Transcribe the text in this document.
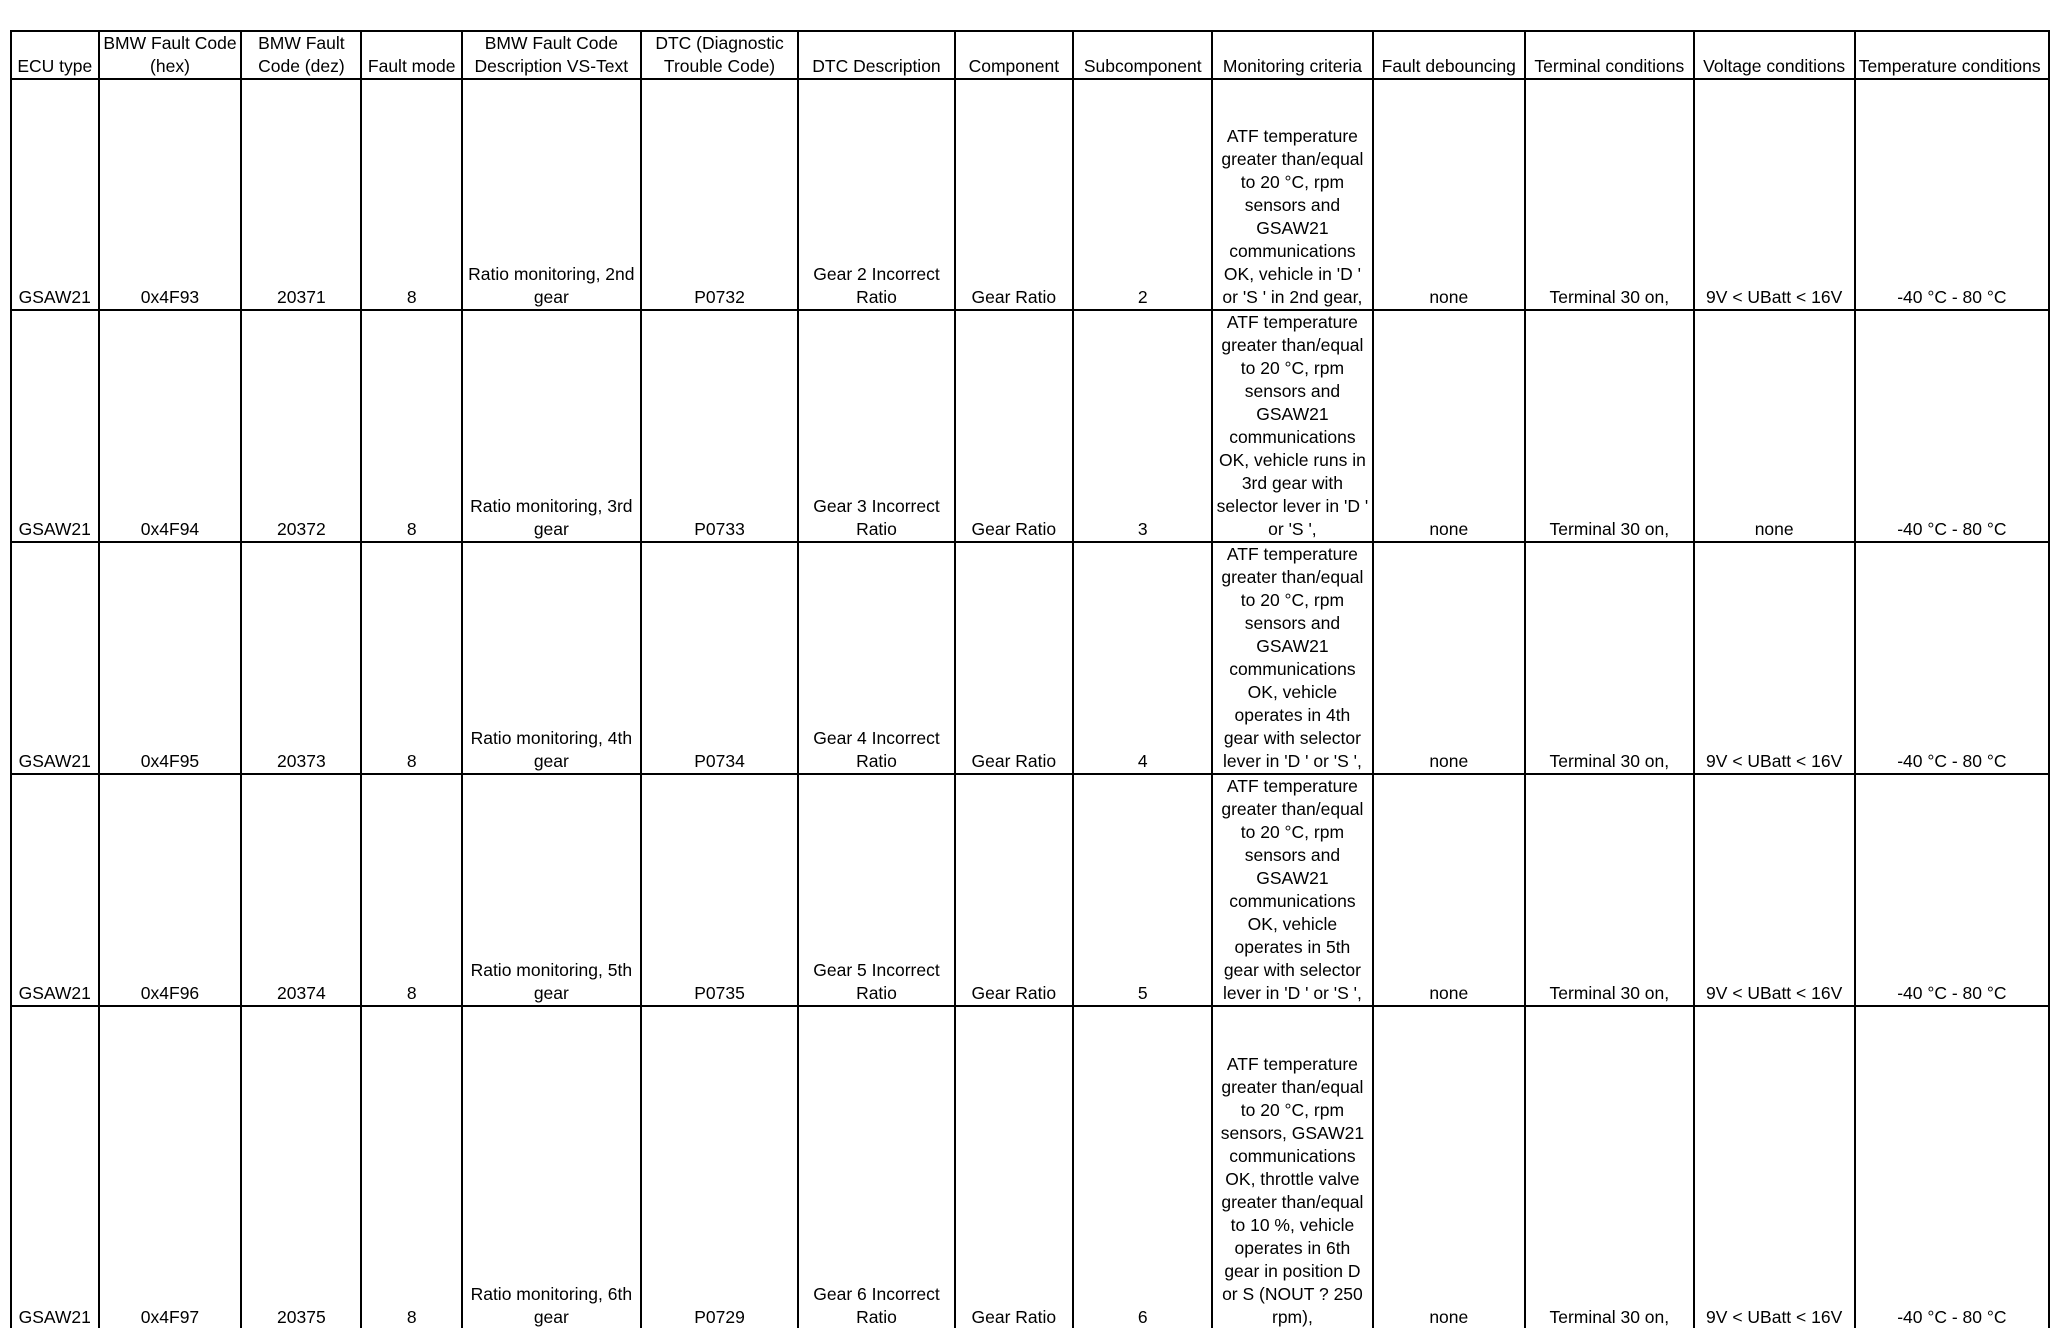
ECU type	BMW Fault Code (hex)	BMW Fault Code (dez)	Fault mode	BMW Fault Code Description VS-Text	DTC (Diagnostic Trouble Code)	DTC Description	Component	Subcomponent	Monitoring criteria	Fault debouncing	Terminal conditions	Voltage conditions	Temperature conditions
GSAW21	0x4F93	20371	8	Ratio monitoring, 2nd gear	P0732	Gear 2 Incorrect Ratio	Gear Ratio	2	ATF temperature greater than/equal to 20 °C, rpm sensors and GSAW21 communications OK, vehicle in 'D ' or 'S ' in 2nd gear,	none	Terminal 30 on,	9V < UBatt < 16V	-40 °C - 80 °C
GSAW21	0x4F94	20372	8	Ratio monitoring, 3rd gear	P0733	Gear 3 Incorrect Ratio	Gear Ratio	3	ATF temperature greater than/equal to 20 °C, rpm sensors and GSAW21 communications OK, vehicle runs in 3rd gear with selector lever in 'D ' or 'S ',	none	Terminal 30 on,	none	-40 °C - 80 °C
GSAW21	0x4F95	20373	8	Ratio monitoring, 4th gear	P0734	Gear 4 Incorrect Ratio	Gear Ratio	4	ATF temperature greater than/equal to 20 °C, rpm sensors and GSAW21 communications OK, vehicle operates in 4th gear with selector lever in 'D ' or 'S ',	none	Terminal 30 on,	9V < UBatt < 16V	-40 °C - 80 °C
GSAW21	0x4F96	20374	8	Ratio monitoring, 5th gear	P0735	Gear 5 Incorrect Ratio	Gear Ratio	5	ATF temperature greater than/equal to 20 °C, rpm sensors and GSAW21 communications OK, vehicle operates in 5th gear with selector lever in 'D ' or 'S ',	none	Terminal 30 on,	9V < UBatt < 16V	-40 °C - 80 °C
GSAW21	0x4F97	20375	8	Ratio monitoring, 6th gear	P0729	Gear 6 Incorrect Ratio	Gear Ratio	6	ATF temperature greater than/equal to 20 °C, rpm sensors, GSAW21 communications OK, throttle valve greater than/equal to 10 %, vehicle operates in 6th gear in position D or S (NOUT ? 250 rpm),	none	Terminal 30 on,	9V < UBatt < 16V	-40 °C - 80 °C
